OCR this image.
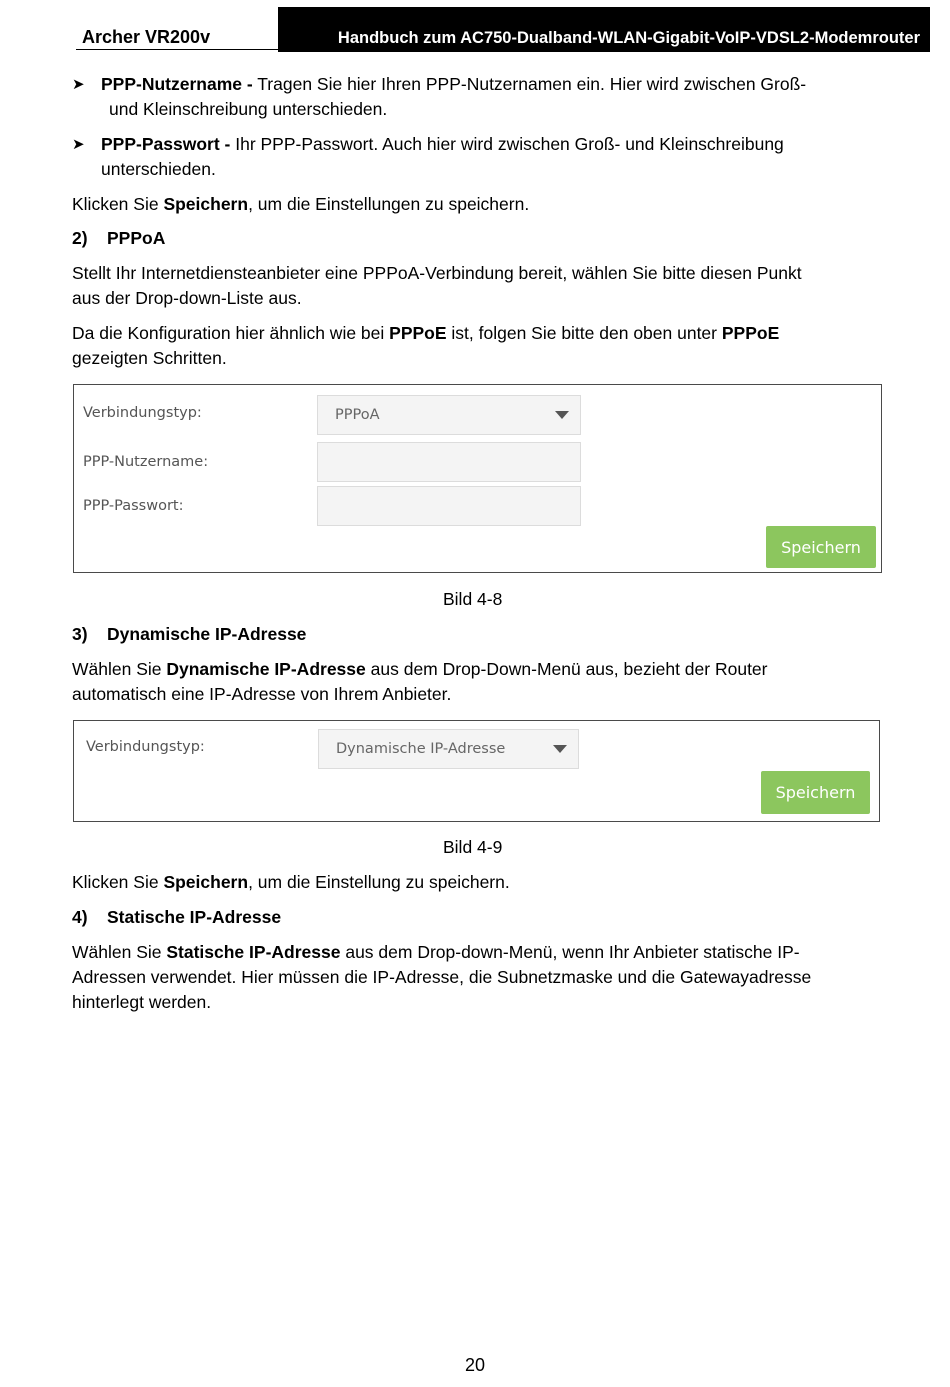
Archer VR200v	Handbuch zum AC750-Dualband-WLAN-Gigabit-VoIP-VDSL2-Modemrouter
➤ PPP-Nutzername - Tragen Sie hier Ihren PPP-Nutzernamen ein. Hier wird zwischen Groß-
und Kleinschreibung unterschieden.
➤ PPP-Passwort - Ihr PPP-Passwort. Auch hier wird zwischen Groß- und Kleinschreibung
unterschieden.
Klicken Sie Speichern, um die Einstellungen zu speichern.
2)    PPPoA
Stellt Ihr Internetdiensteanbieter eine PPPoA-Verbindung bereit, wählen Sie bitte diesen Punkt
aus der Drop-down-Liste aus.
Da die Konfiguration hier ähnlich wie bei PPPoE ist, folgen Sie bitte den oben unter PPPoE
gezeigten Schritten.
Verbindungstyp:	PPPoA
PPP-Nutzername:
PPP-Passwort:
Speichern
Bild 4-8
3)    Dynamische IP-Adresse
Wählen Sie Dynamische IP-Adresse aus dem Drop-Down-Menü aus, bezieht der Router
automatisch eine IP-Adresse von Ihrem Anbieter.
Verbindungstyp:	Dynamische IP-Adresse
Speichern
Bild 4-9
Klicken Sie Speichern, um die Einstellung zu speichern.
4)    Statische IP-Adresse
Wählen Sie Statische IP-Adresse aus dem Drop-down-Menü, wenn Ihr Anbieter statische IP-
Adressen verwendet. Hier müssen die IP-Adresse, die Subnetzmaske und die Gatewayadresse
hinterlegt werden.
20
